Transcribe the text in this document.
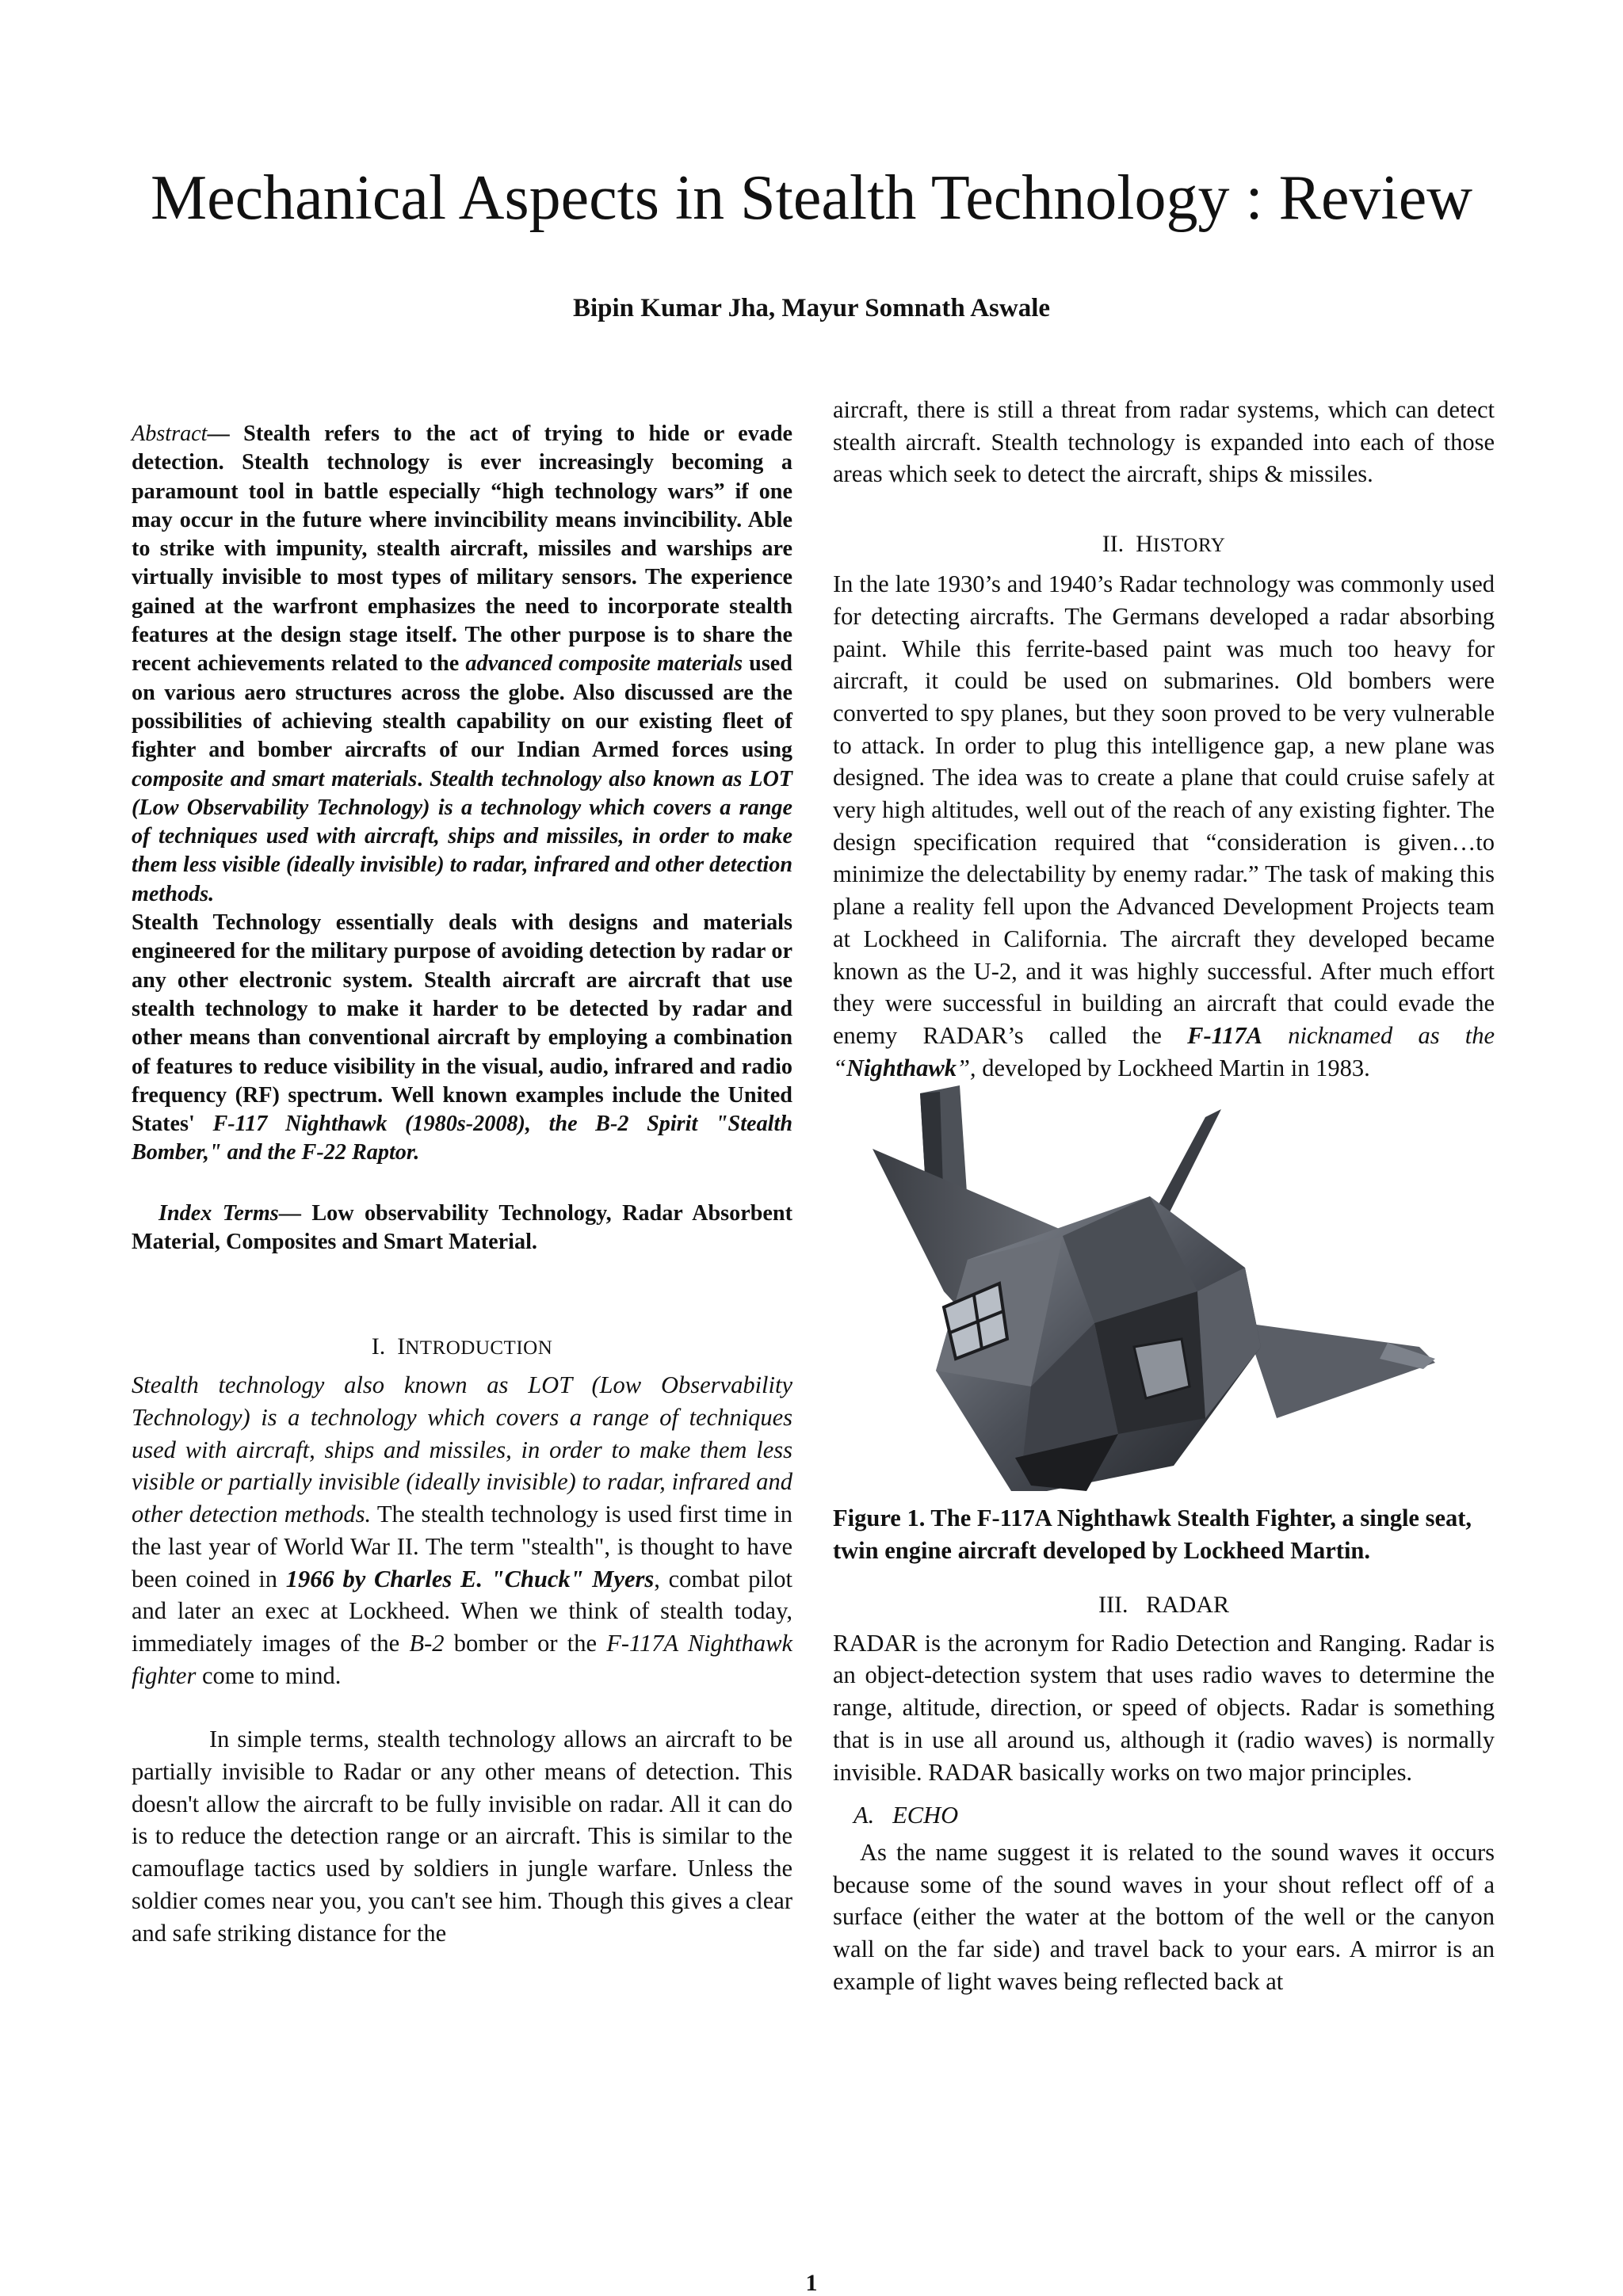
Mechanical Aspects in Stealth Technology : Review
Bipin Kumar Jha, Mayur Somnath Aswale

Abstract— Stealth refers to the act of trying to hide or evade detection. Stealth technology is ever increasingly becoming a paramount tool in battle especially “high technology wars” if one may occur in the future where invincibility means invincibility. Able to strike with impunity, stealth aircraft, missiles and warships are virtually invisible to most types of military sensors. The experience gained at the warfront emphasizes the need to incorporate stealth features at the design stage itself. The other purpose is to share the recent achievements related to the advanced composite materials used on various aero structures across the globe. Also discussed are the possibilities of achieving stealth capability on our existing fleet of fighter and bomber aircrafts of our Indian Armed forces using composite and smart materials. Stealth technology also known as LOT (Low Observability Technology) is a technology which covers a range of techniques used with aircraft, ships and missiles, in order to make them less visible (ideally invisible) to radar, infrared and other detection methods.

Stealth Technology essentially deals with designs and materials engineered for the military purpose of avoiding detection by radar or any other electronic system. Stealth aircraft are aircraft that use stealth technology to make it harder to be detected by radar and other means than conventional aircraft by employing a combination of features to reduce visibility in the visual, audio, infrared and radio frequency (RF) spectrum. Well known examples include the United States' F-117 Nighthawk (1980s-2008), the B-2 Spirit "Stealth Bomber," and the F-22 Raptor.

Index Terms— Low observability Technology, Radar Absorbent Material, Composites and Smart Material.
I. INTRODUCTION

Stealth technology also known as LOT (Low Observability Technology) is a technology which covers a range of techniques used with aircraft, ships and missiles, in order to make them less visible or partially invisible (ideally invisible) to radar, infrared and other detection methods. The stealth technology is used first time in the last year of World War II. The term "stealth", is thought to have been coined in 1966 by Charles E. "Chuck" Myers, combat pilot and later an exec at Lockheed. When we think of stealth today, immediately images of the B-2 bomber or the F-117A Nighthawk fighter come to mind.

In simple terms, stealth technology allows an aircraft to be partially invisible to Radar or any other means of detection. This doesn't allow the aircraft to be fully invisible on radar. All it can do is to reduce the detection range or an aircraft. This is similar to the camouflage tactics used by soldiers in jungle warfare. Unless the soldier comes near you, you can't see him. Though this gives a clear and safe striking distance for the

aircraft, there is still a threat from radar systems, which can detect stealth aircraft. Stealth technology is expanded into each of those areas which seek to detect the aircraft, ships & missiles.

II. HISTORY

In the late 1930’s and 1940’s Radar technology was commonly used for detecting aircrafts. The Germans developed a radar absorbing paint. While this ferrite-based paint was much too heavy for aircraft, it could be used on submarines. Old bombers were converted to spy planes, but they soon proved to be very vulnerable to attack. In order to plug this intelligence gap, a new plane was designed. The idea was to create a plane that could cruise safely at very high altitudes, well out of the reach of any existing fighter. The design specification required that “consideration is given…to minimize the delectability by enemy radar.” The task of making this plane a reality fell upon the Advanced Development Projects team at Lockheed in California. The aircraft they developed became known as the U-2, and it was highly successful. After much effort they were successful in building an aircraft that could evade the enemy RADAR’s called the F-117A nicknamed as the “Nighthawk”, developed by Lockheed Martin in 1983.

Figure 1. The F-117A Nighthawk Stealth Fighter, a single seat, twin engine aircraft developed by Lockheed Martin.
III. RADAR

RADAR is the acronym for Radio Detection and Ranging. Radar is an object-detection system that uses radio waves to determine the range, altitude, direction, or speed of objects. Radar is something that is in use all around us, although it (radio waves) is normally invisible. RADAR basically works on two major principles.

A. ECHO

As the name suggest it is related to the sound waves it occurs because some of the sound waves in your shout reflect off of a surface (either the water at the bottom of the well or the canyon wall on the far side) and travel back to your ears. A mirror is an example of light waves being reflected back at

1
